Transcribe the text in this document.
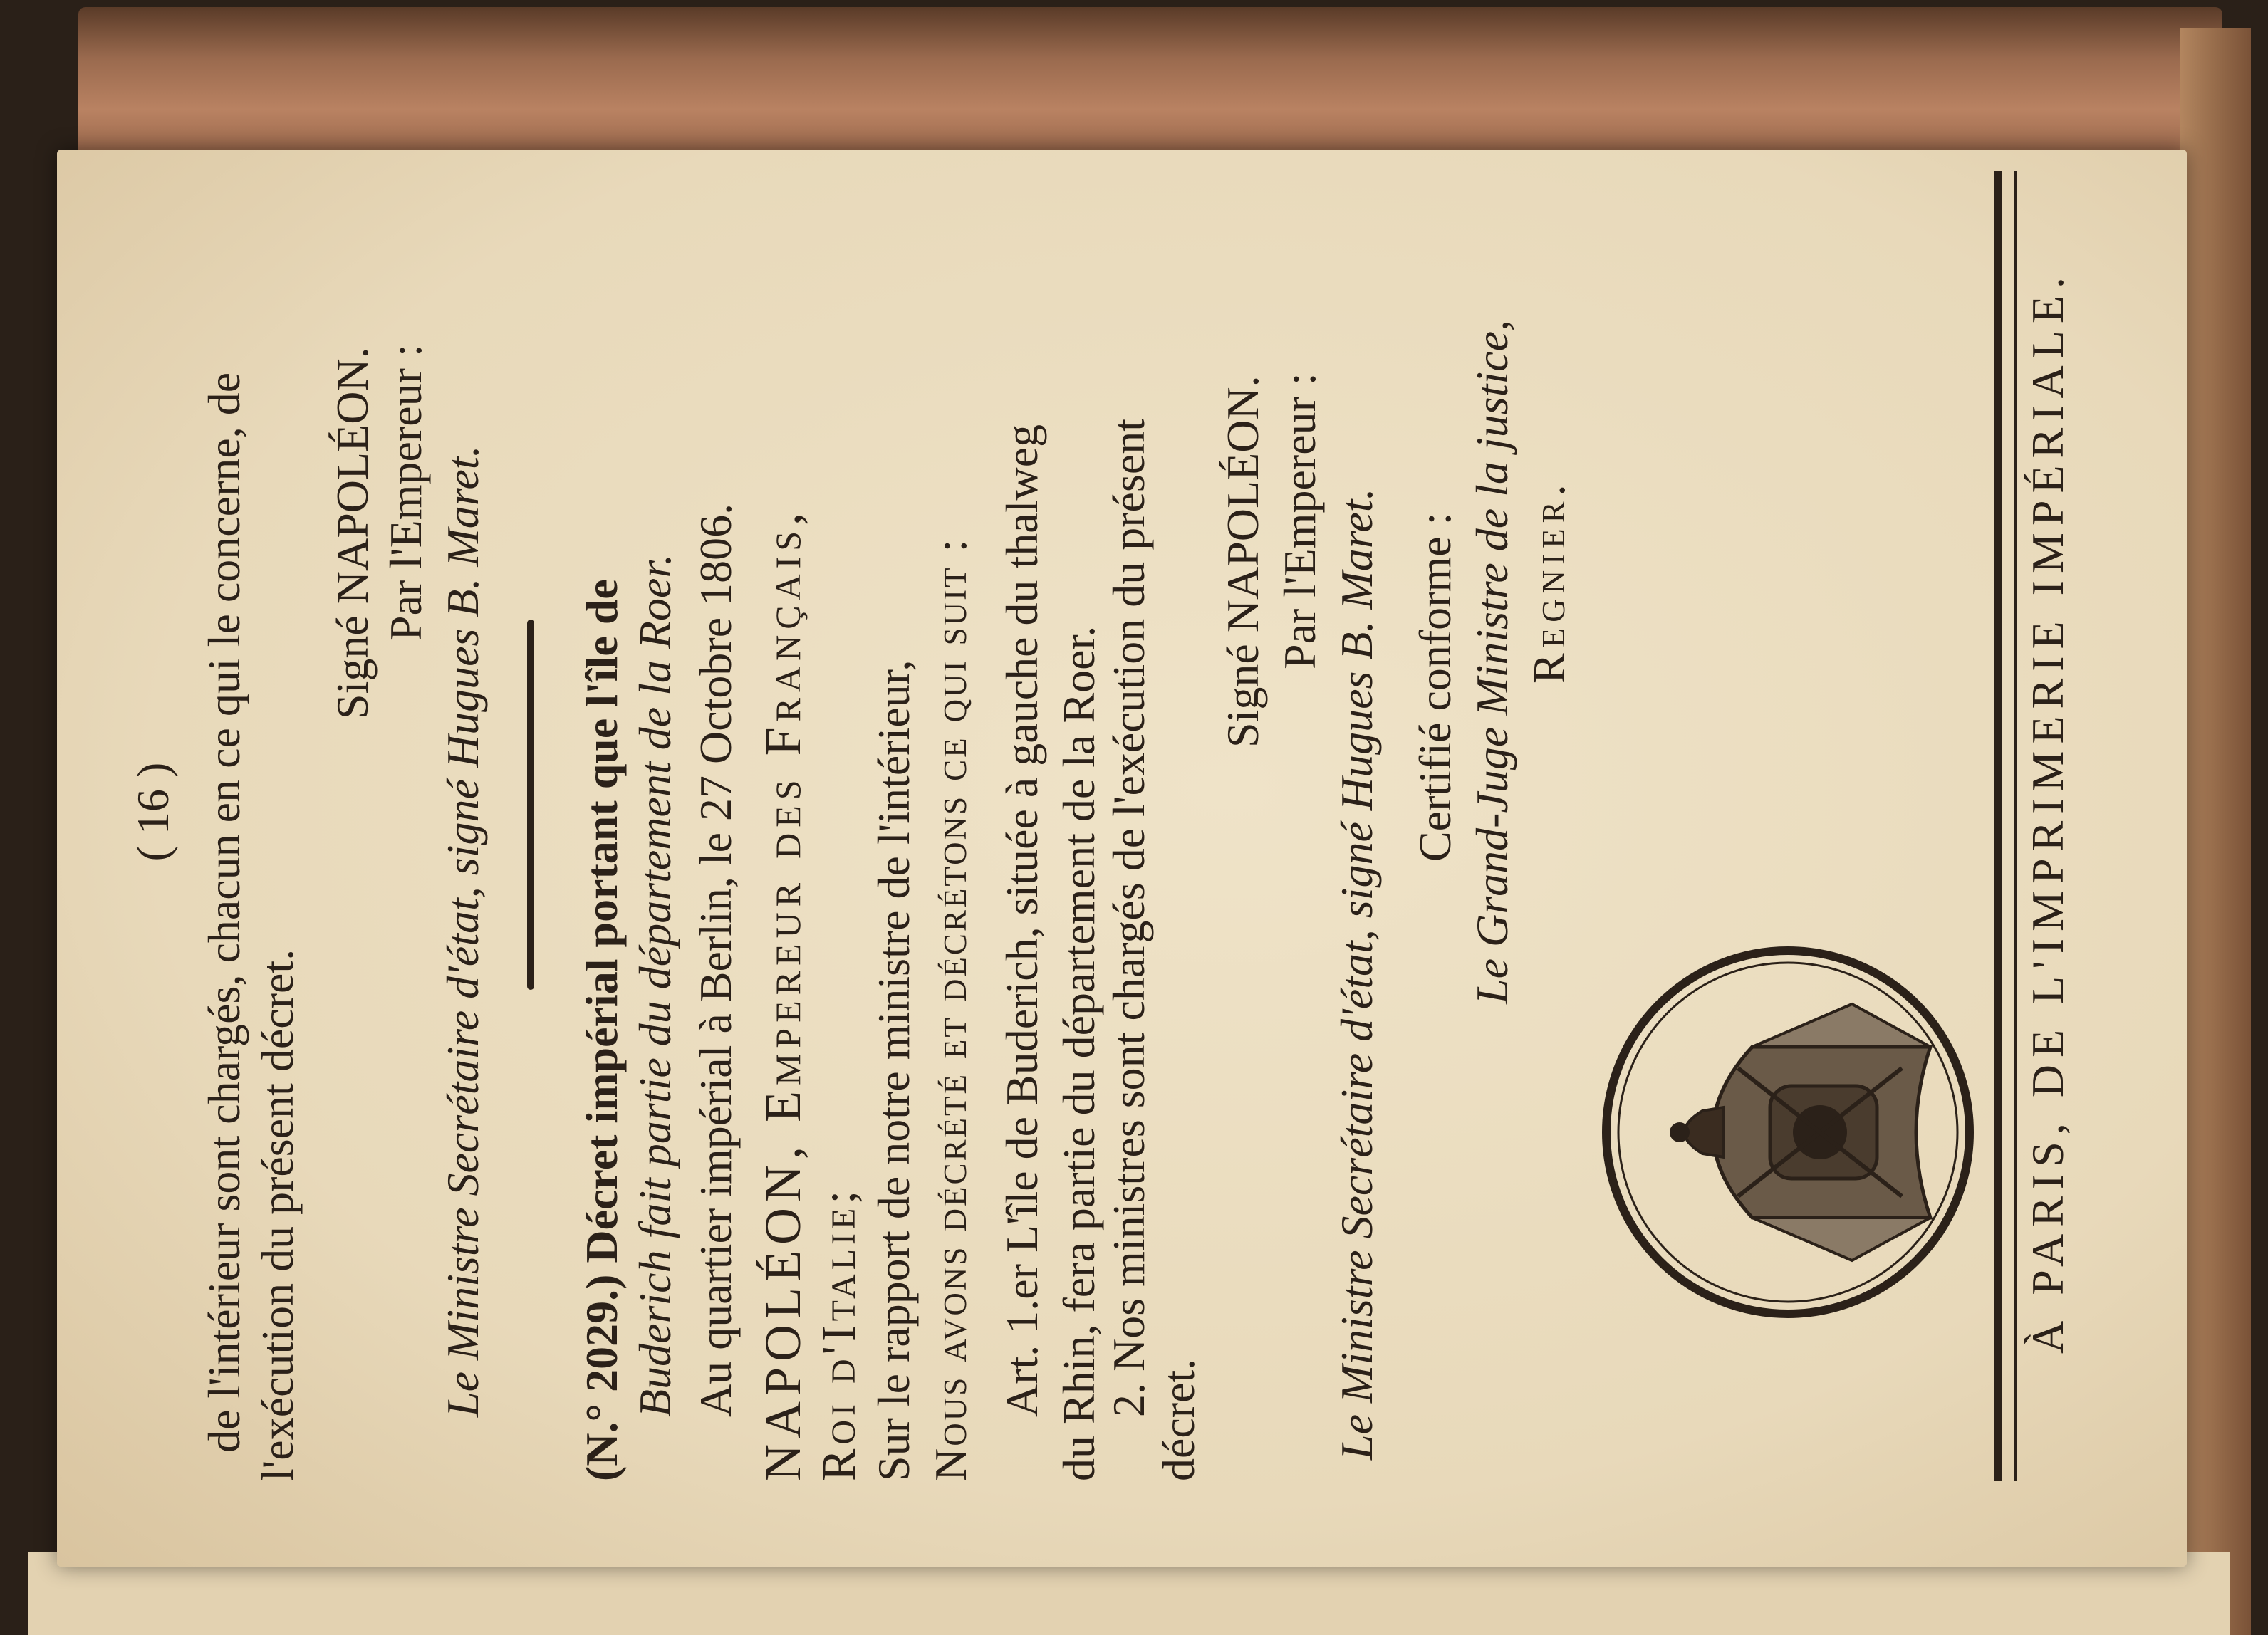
( 16 ) de l'intérieur sont chargés, chacun en ce qui le concerne, de l'exécution du présent décret.
Signé NAPOLÉON. Par l'Empereur : Le Ministre Secrétaire d'état, signé Hugues B. Maret. (N.° 2029.) Décret impérial portant que l'île de Buderich fait partie du département de la Roer. Au quartier impérial à Berlin, le 27 Octobre 1806. NAPOLÉON, Empereur des Français, Roi d'Italie; Sur le rapport de notre ministre de l'intérieur, Nous avons décrété et décrétons ce qui suit : Art. 1.er L'île de Buderich, située à gauche du thalweg du Rhin, fera partie du département de la Roer. 2. Nos ministres sont chargés de l'exécution du présent
décret.
Signé NAPOLÉON. Par l'Empereur : Le Ministre Secrétaire d'état, signé Hugues B. Maret. Certifié conforme : Le Grand-Juge Ministre de la justice, Regnier.	À PARIS, DE L'IMPRIMERIE IMPÉRIALE.
